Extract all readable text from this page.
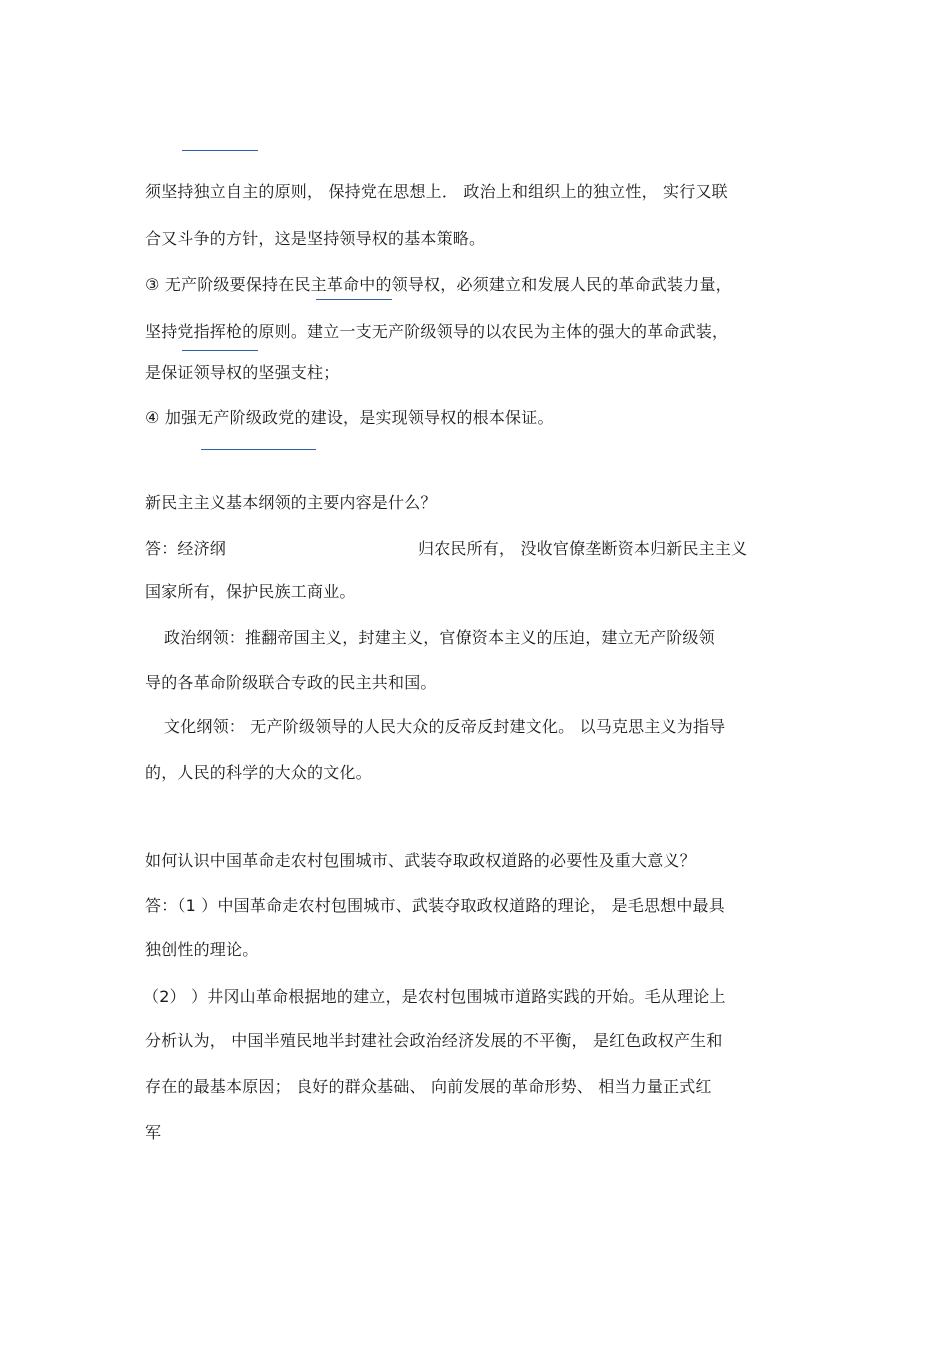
须坚持独立自主的原则， 保持党在思想上． 政治上和组织上的独立性， 实行又联
合又斗争的方针，这是坚持领导权的基本策略。
③ 无产阶级要保持在民主革命中的领导权，必须建立和发展人民的革命武装力量，
坚持党指挥枪的原则。建立一支无产阶级领导的以农民为主体的强大的革命武装，
是保证领导权的坚强支柱；
④ 加强无产阶级政党的建设，是实现领导权的根本保证。
新民主主义基本纲领的主要内容是什么？
答：经济纲	归农民所有， 没收官僚垄断资本归新民主主义
国家所有，保护民族工商业。
政治纲领：推翻帝国主义，封建主义，官僚资本主义的压迫，建立无产阶级领
导的各革命阶级联合专政的民主共和国。
文化纲领： 无产阶级领导的人民大众的反帝反封建文化。 以马克思主义为指导
的，人民的科学的大众的文化。
如何认识中国革命走农村包围城市、武装夺取政权道路的必要性及重大意义？
答：（1 ）中国革命走农村包围城市、武装夺取政权道路的理论， 是毛思想中最具
独创性的理论。
（2） ）井冈山革命根据地的建立，是农村包围城市道路实践的开始。毛从理论上
分析认为， 中国半殖民地半封建社会政治经济发展的不平衡， 是红色政权产生和
存在的最基本原因； 良好的群众基础、 向前发展的革命形势、 相当力量正式红
军
